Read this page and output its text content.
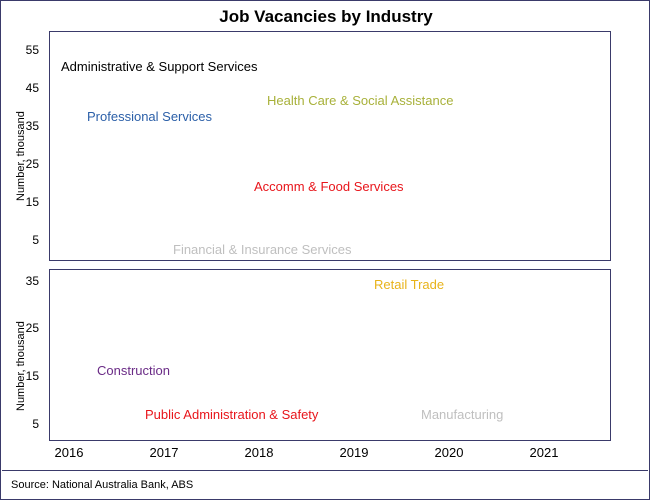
Job Vacancies by Industry
Number, thousand
55
45
35
25
15
5
Administrative & Support Services
Professional Services
Health Care & Social Assistance
Accomm & Food Services
Financial & Insurance Services
Number, thousand
35
25
15
5
Retail Trade
Construction
Public Administration & Safety	Manufacturing
2016	2017	2018	2019	2020	2021
Source: National Australia Bank, ABS
